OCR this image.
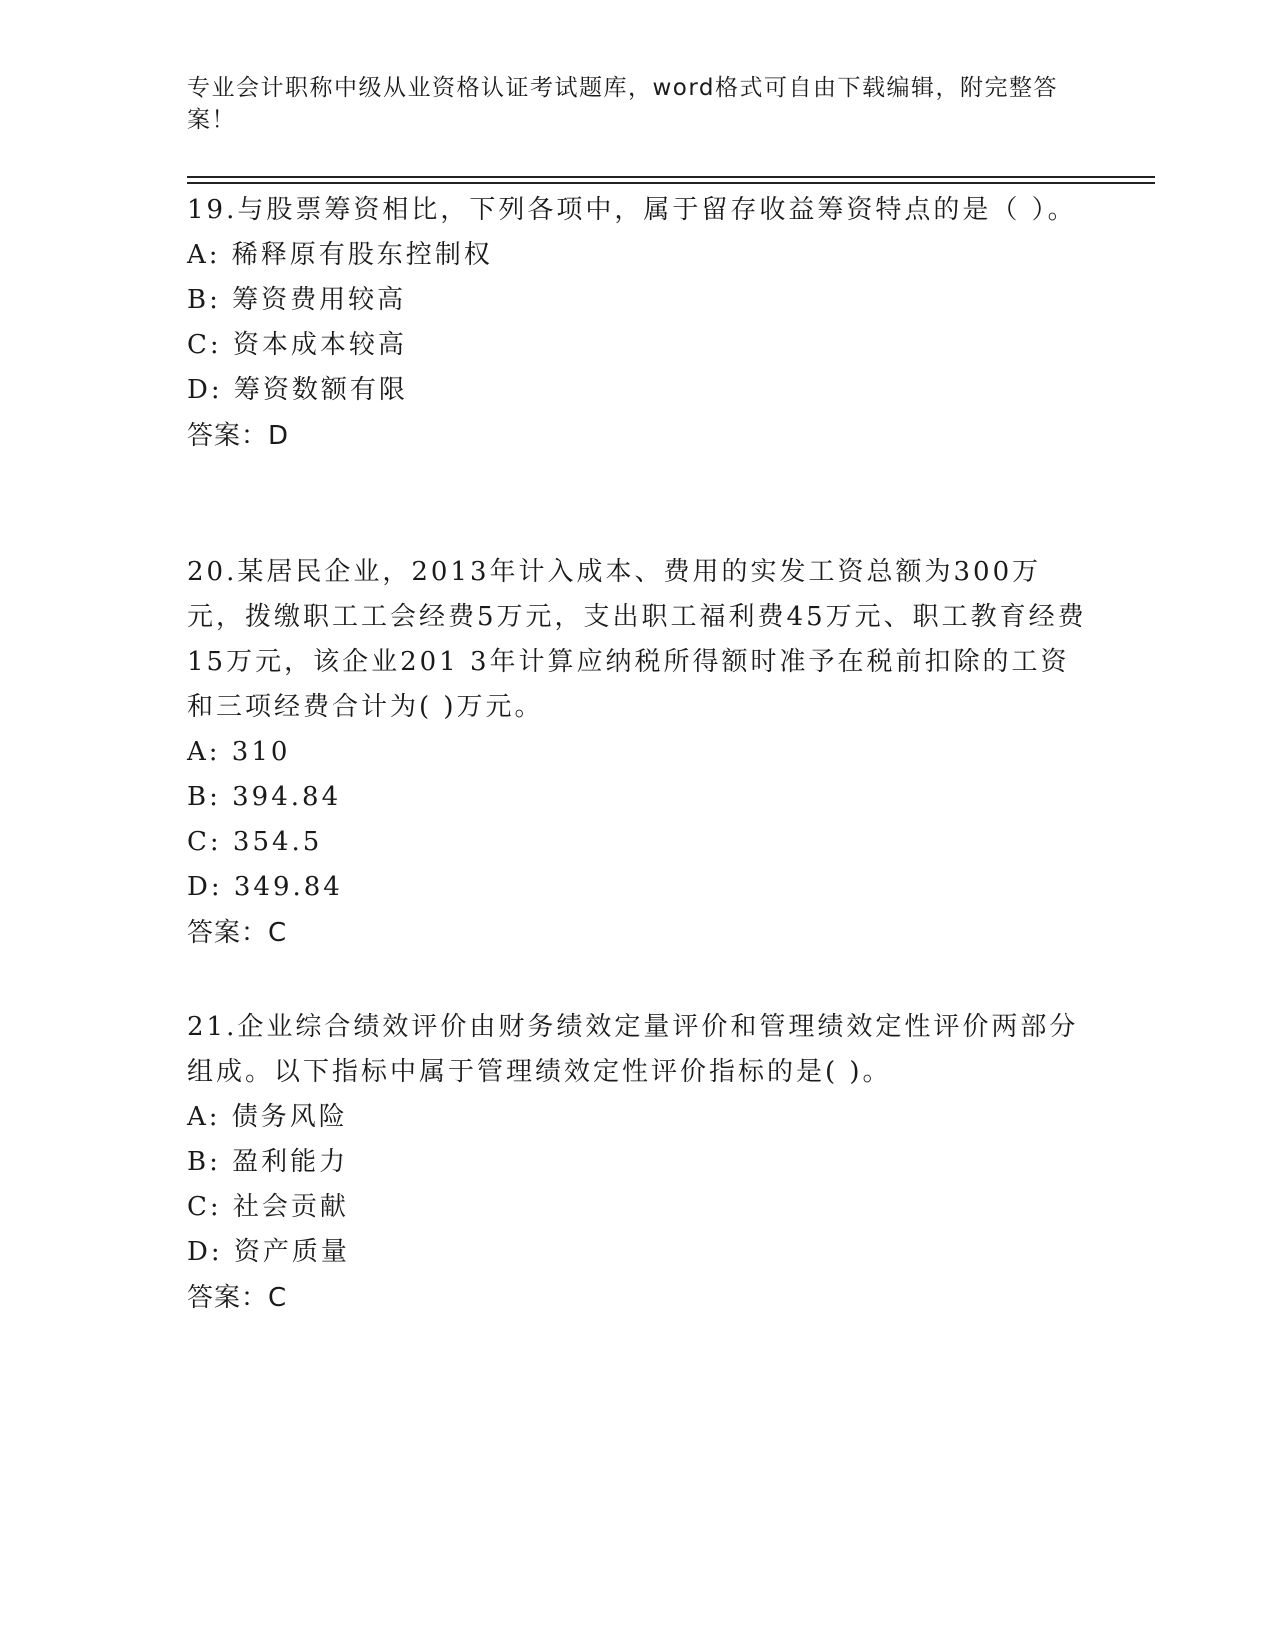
专业会计职称中级从业资格认证考试题库，word格式可自由下载编辑，附完整答案！

19.与股票筹资相比，下列各项中，属于留存收益筹资特点的是（ ）。

A: 稀释原有股东控制权

B: 筹资费用较高

C: 资本成本较高

D: 筹资数额有限

答案：D

20.某居民企业，2013年计入成本、费用的实发工资总额为300万元，拨缴职工工会经费5万元，支出职工福利费45万元、职工教育经费15万元，该企业201 3年计算应纳税所得额时准予在税前扣除的工资和三项经费合计为( )万元。

A: 310

B: 394.84

C: 354.5

D: 349.84

答案：C

21.企业综合绩效评价由财务绩效定量评价和管理绩效定性评价两部分组成。以下指标中属于管理绩效定性评价指标的是( )。

A: 债务风险

B: 盈利能力

C: 社会贡献

D: 资产质量

答案：C
